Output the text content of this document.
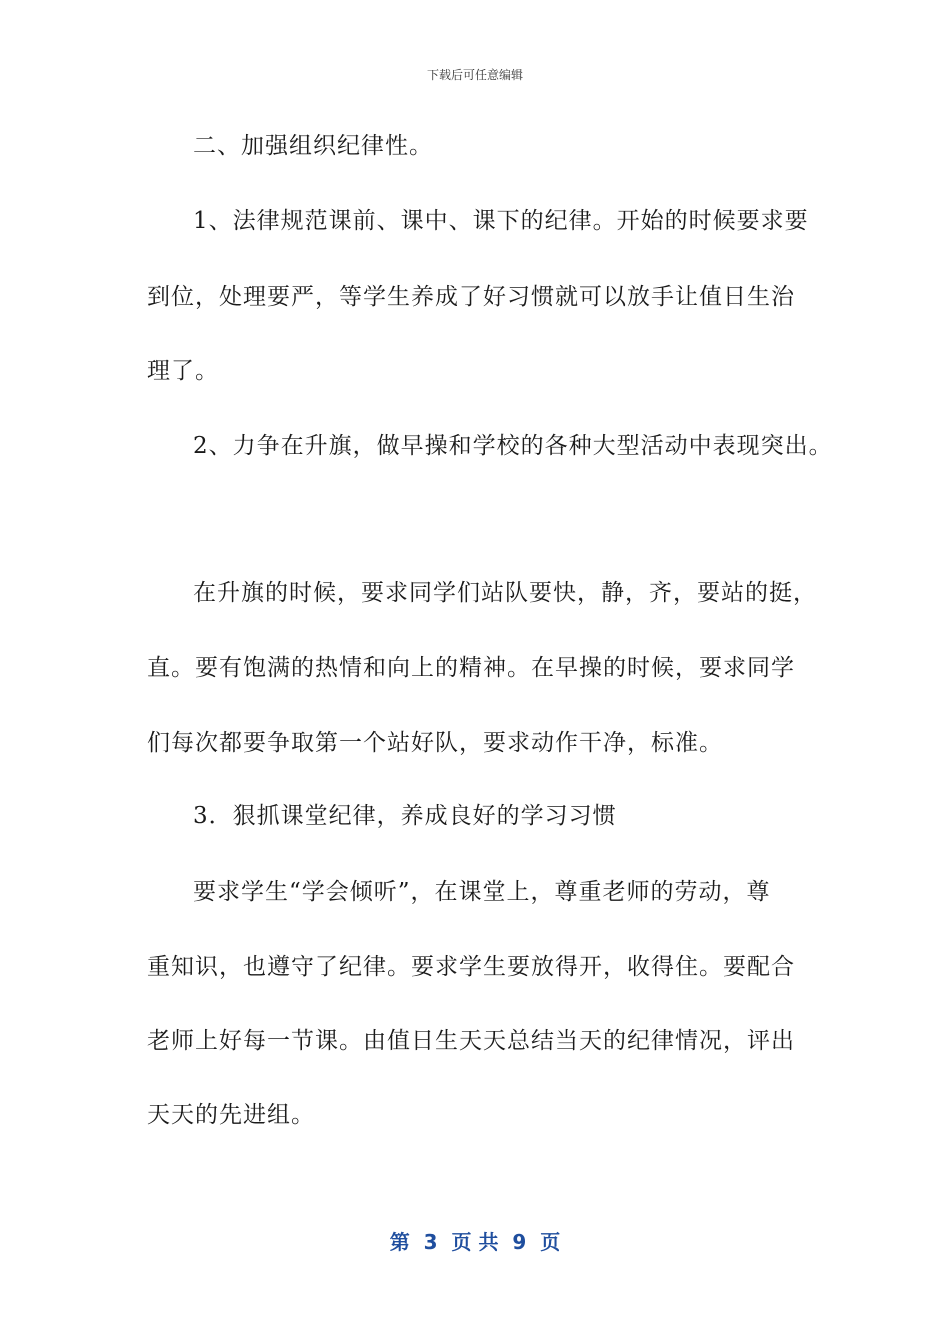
下载后可任意编辑
二、加强组织纪律性。
1、法律规范课前、课中、课下的纪律。开始的时候要求要
到位，处理要严，等学生养成了好习惯就可以放手让值日生治
理了。
2、力争在升旗，做早操和学校的各种大型活动中表现突出。
在升旗的时候，要求同学们站队要快，静，齐，要站的挺，
直。要有饱满的热情和向上的精神。在早操的时候，要求同学
们每次都要争取第一个站好队，要求动作干净，标准。
3．狠抓课堂纪律，养成良好的学习习惯
要求学生“学会倾听”，在课堂上，尊重老师的劳动，尊
重知识，也遵守了纪律。要求学生要放得开，收得住。要配合
老师上好每一节课。由值日生天天总结当天的纪律情况，评出
天天的先进组。
第  3  页 共  9  页
